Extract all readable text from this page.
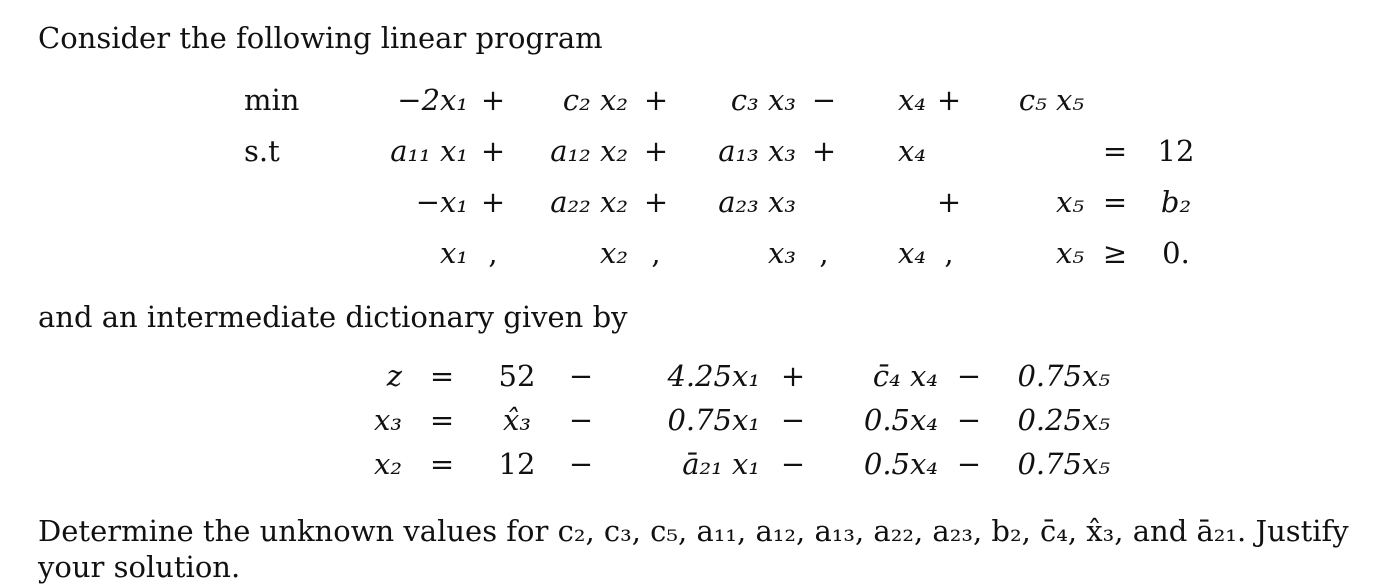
Consider the following linear program
min	−2x₁	+	c₂ x₂	+	c₃ x₃	−	x₄	+	c₅ x₅		
s.t	a₁₁ x₁	+	a₁₂ x₂	+	a₁₃ x₃	+	x₄			=	12
	−x₁	+	a₂₂ x₂	+	a₂₃ x₃			+	x₅	=	b₂
	x₁	,	x₂	,	x₃	,	x₄	,	x₅	≥	0.
and an intermediate dictionary given by
z	=	52	−	4.25x₁	+	c̄₄ x₄	−	0.75x₅
x₃	=	x̂₃	−	0.75x₁	−	0.5x₄	−	0.25x₅
x₂	=	12	−	ā₂₁ x₁	−	0.5x₄	−	0.75x₅
Determine the unknown values for c₂, c₃, c₅, a₁₁, a₁₂, a₁₃, a₂₂, a₂₃, b₂, c̄₄, x̂₃, and ā₂₁. Justify your solution.
